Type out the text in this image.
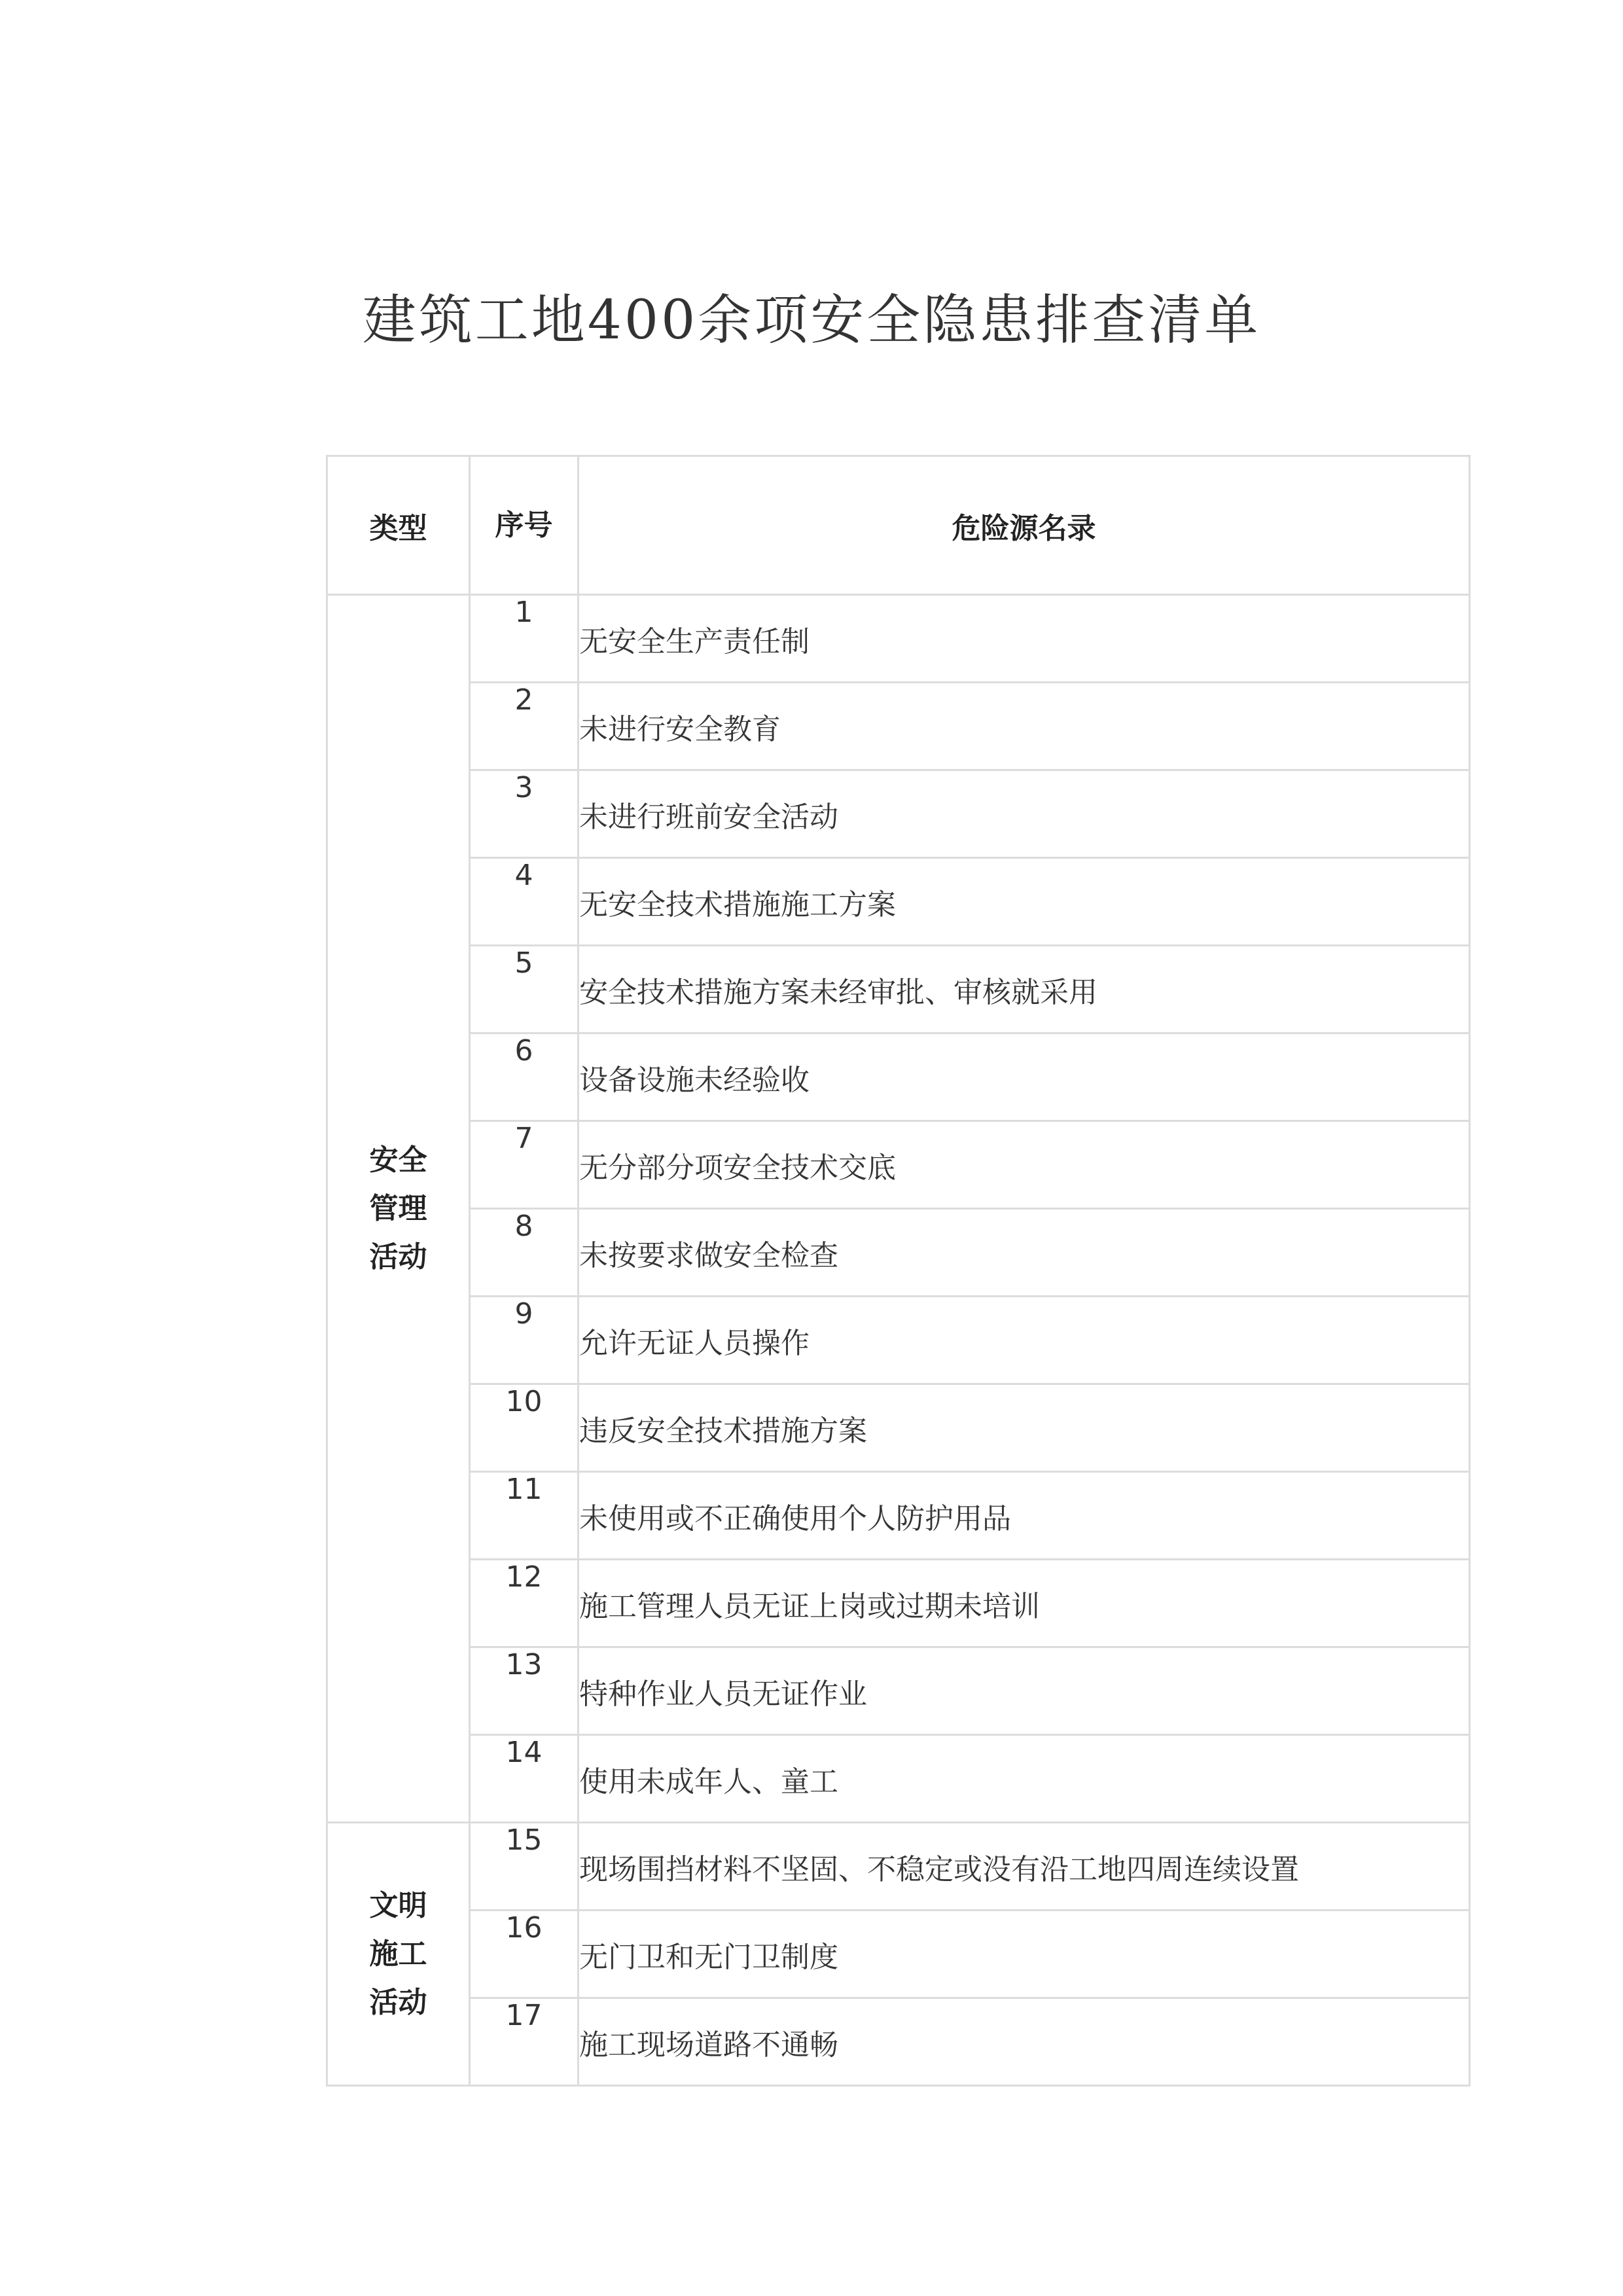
建筑工地400余项安全隐患排查清单
类型	序号	危险源名录

安全
管理
活动	1	无安全生产责任制
	2	未进行安全教育
	3	未进行班前安全活动
	4	无安全技术措施施工方案
	5	安全技术措施方案未经审批、审核就采用
	6	设备设施未经验收
	7	无分部分项安全技术交底
	8	未按要求做安全检查
	9	允许无证人员操作
	10	违反安全技术措施方案
	11	未使用或不正确使用个人防护用品
	12	施工管理人员无证上岗或过期未培训
	13	特种作业人员无证作业
	14	使用未成年人、童工

文明
施工
活动	15	现场围挡材料不坚固、不稳定或没有沿工地四周连续设置
	16	无门卫和无门卫制度
	17	施工现场道路不通畅
